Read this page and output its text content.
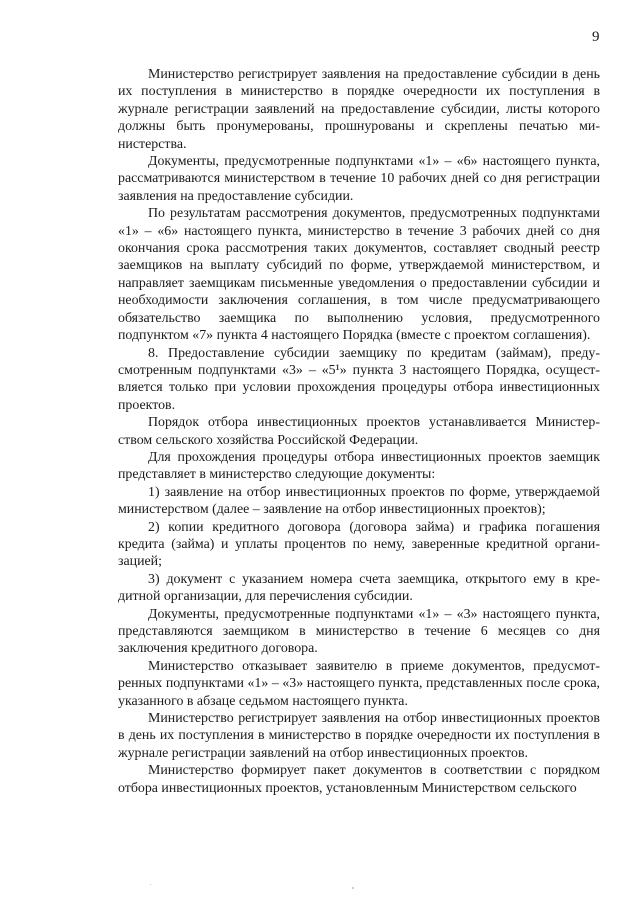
9

Министерство регистрирует заявления на предоставление субсидии в день их поступления в министерство в порядке очередности их поступления в журнале регистрации заявлений на предоставление субсидии, листы которого должны быть пронумерованы, прошнурованы и скреплены печатью министерства.

Документы, предусмотренные подпунктами «1» – «6» настоящего пункта, рассматриваются министерством в течение 10 рабочих дней со дня регистрации заявления на предоставление субсидии.

По результатам рассмотрения документов, предусмотренных подпунктами «1» – «6» настоящего пункта, министерство в течение 3 рабочих дней со дня окончания срока рассмотрения таких документов, составляет сводный реестр заемщиков на выплату субсидий по форме, утверждаемой министерством, и направляет заемщикам письменные уведомления о предоставлении субсидии и необходимости заключения соглашения, в том числе предусматривающего обязательство заемщика по выполнению условия, предусмотренного подпунктом «7» пункта 4 настоящего Порядка (вместе с проектом соглашения).

8. Предоставление субсидии заемщику по кредитам (займам), предусмотренным подпунктами «3» – «5¹» пункта 3 настоящего Порядка, осуществляется только при условии прохождения процедуры отбора инвестиционных проектов.

Порядок отбора инвестиционных проектов устанавливается Министерством сельского хозяйства Российской Федерации.

Для прохождения процедуры отбора инвестиционных проектов заемщик представляет в министерство следующие документы:

1) заявление на отбор инвестиционных проектов по форме, утверждаемой министерством (далее – заявление на отбор инвестиционных проектов);

2) копии кредитного договора (договора займа) и графика погашения кредита (займа) и уплаты процентов по нему, заверенные кредитной организацией;

3) документ с указанием номера счета заемщика, открытого ему в кредитной организации, для перечисления субсидии.

Документы, предусмотренные подпунктами «1» – «3» настоящего пункта, представляются заемщиком в министерство в течение 6 месяцев со дня заключения кредитного договора.

Министерство отказывает заявителю в приеме документов, предусмотренных подпунктами «1» – «3» настоящего пункта, представленных после срока, указанного в абзаце седьмом настоящего пункта.

Министерство регистрирует заявления на отбор инвестиционных проектов в день их поступления в министерство в порядке очередности их поступления в журнале регистрации заявлений на отбор инвестиционных проектов.

Министерство формирует пакет документов в соответствии с порядком отбора инвестиционных проектов, установленным Министерством сельского
